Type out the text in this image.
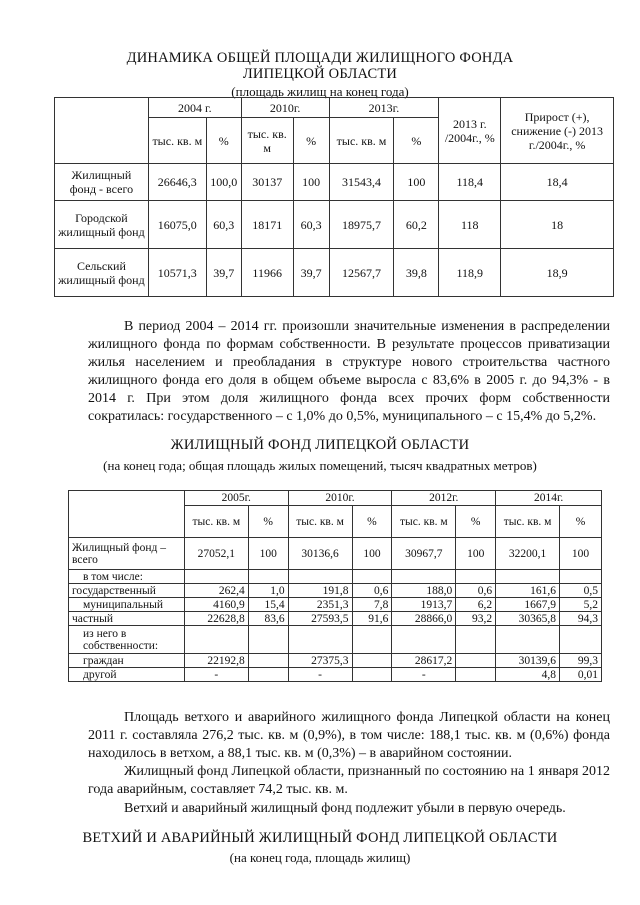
ДИНАМИКА ОБЩЕЙ ПЛОЩАДИ ЖИЛИЩНОГО ФОНДА
ЛИПЕЦКОЙ ОБЛАСТИ
(площадь жилищ на конец года)
	2004 г.		2010г.		2013г.		2013 г. /2004г., %	Прирост (+), снижение (-) 2013 г./2004г., %
	тыс. кв. м	%	тыс. кв. м	%	тыс. кв. м	%		
Жилищный фонд - всего	26646,3	100,0	30137	100	31543,4	100	118,4	18,4
Городской жилищный фонд	16075,0	60,3	18171	60,3	18975,7	60,2	118	18
Сельский жилищный фонд	10571,3	39,7	11966	39,7	12567,7	39,8	118,9	18,9

В период 2004 – 2014 гг. произошли значительные изменения в распределении жилищного фонда по формам собственности. В результате процессов приватизации жилья населением и преобладания в структуре нового строительства частного жилищного фонда его доля в общем объеме выросла с 83,6% в 2005 г. до 94,3% - в 2014 г. При этом доля жилищного фонда всех прочих форм собственности сократилась: государственного – с 1,0% до 0,5%, муниципального – с 15,4% до 5,2%.

ЖИЛИЩНЫЙ ФОНД ЛИПЕЦКОЙ ОБЛАСТИ
(на конец года; общая площадь жилых помещений, тысяч квадратных метров)
	2005г.		2010г.		2012г.		2014г.	
	тыс. кв. м	%	тыс. кв. м	%	тыс. кв. м	%	тыс. кв. м	%
Жилищный фонд – всего	27052,1	100	30136,6	100	30967,7	100	32200,1	100
в том числе:								
государственный	262,4	1,0	191,8	0,6	188,0	0,6	161,6	0,5
муниципальный	4160,9	15,4	2351,3	7,8	1913,7	6,2	1667,9	5,2
частный	22628,8	83,6	27593,5	91,6	28866,0	93,2	30365,8	94,3
из него в собственности:								
граждан	22192,8		27375,3		28617,2		30139,6	99,3
другой	-		-		-		4,8	0,01

Площадь ветхого и аварийного жилищного фонда Липецкой области на конец 2011 г. составляла 276,2 тыс. кв. м (0,9%), в том числе: 188,1 тыс. кв. м (0,6%) фонда находилось в ветхом, а 88,1 тыс. кв. м (0,3%) – в аварийном состоянии.

Жилищный фонд Липецкой области, признанный по состоянию на 1 января 2012 года аварийным, составляет 74,2 тыс. кв. м.

Ветхий и аварийный жилищный фонд подлежит убыли в первую очередь.

ВЕТХИЙ И АВАРИЙНЫЙ ЖИЛИЩНЫЙ ФОНД ЛИПЕЦКОЙ ОБЛАСТИ
(на конец года, площадь жилищ)
